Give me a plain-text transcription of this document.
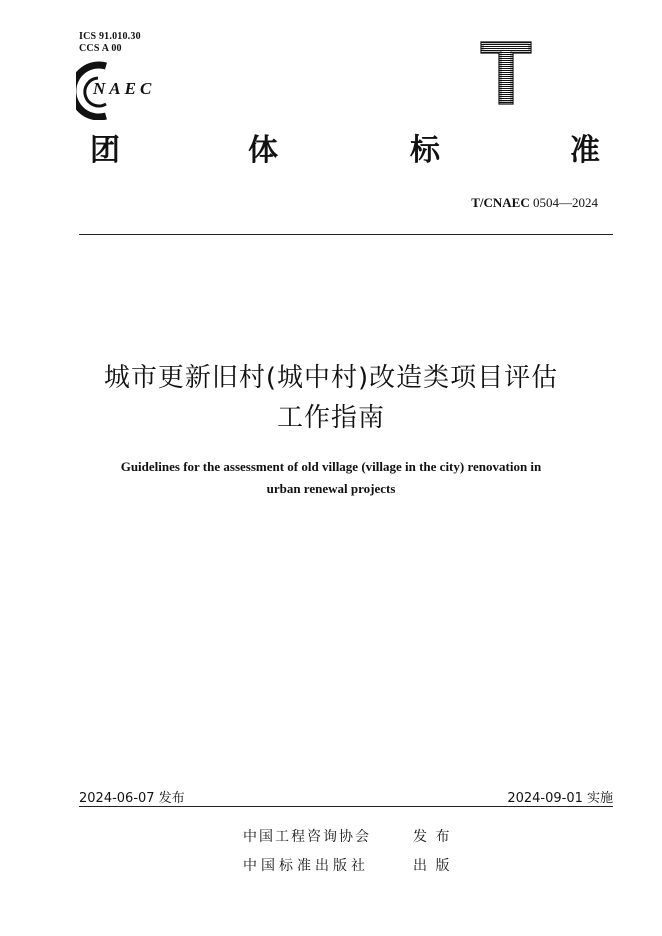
ICS 91.010.30
CCS A 00
NAEC
团	体	标	准
T/CNAEC 0504—2024
城市更新旧村(城中村)改造类项目评估
工作指南
Guidelines for the assessment of old village (village in the city) renovation in
urban renewal projects
2024-06-07 发布	2024-09-01 实施
中国工程咨询协会	发 布
中国标准出版社	出 版
